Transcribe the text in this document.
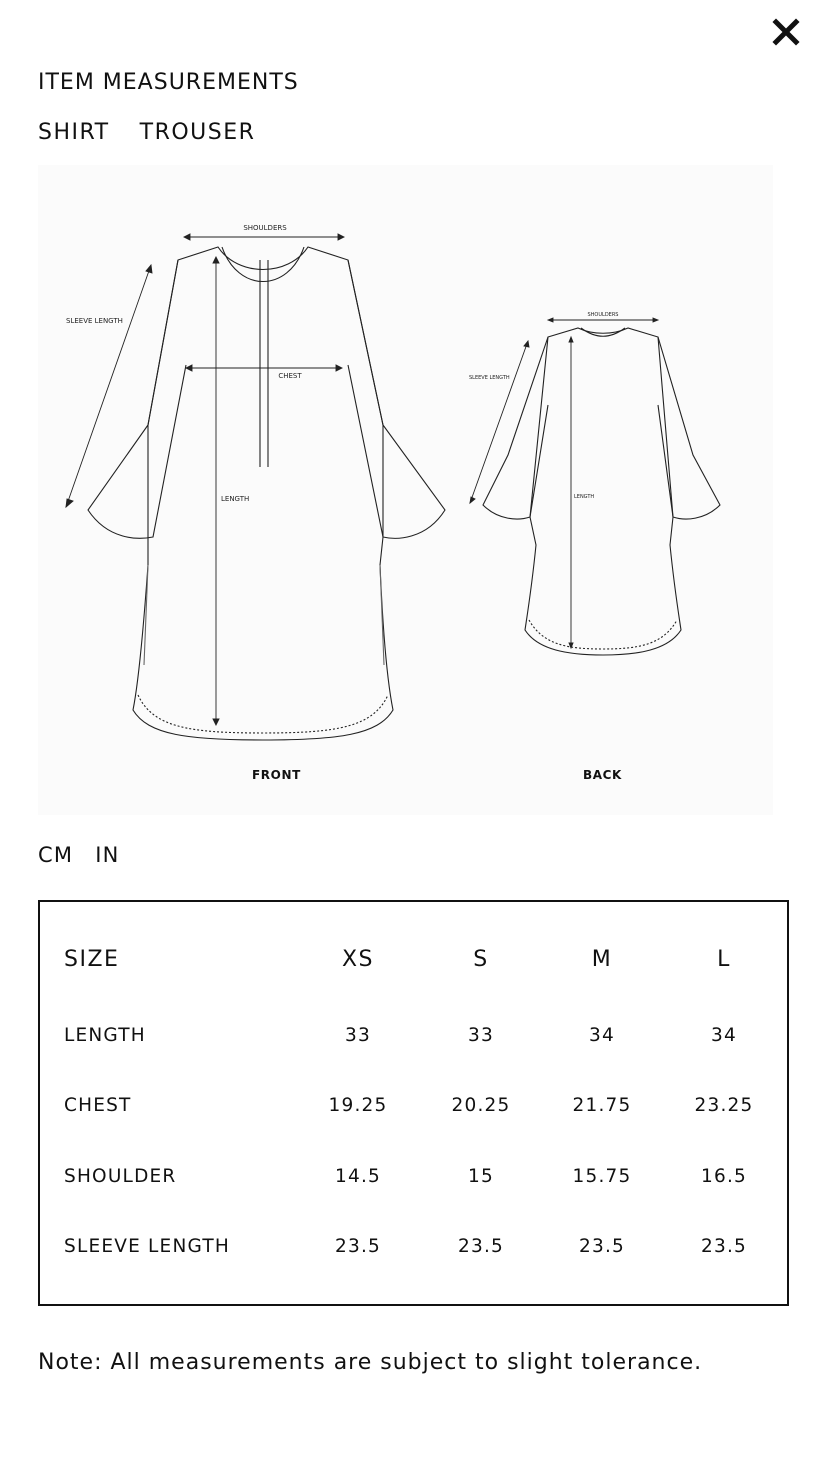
ITEM MEASUREMENTS
SHIRT TROUSER
SHOULDERS
SLEEVE LENGTH
CHEST
LENGTH
SHOULDERS
SLEEVE LENGTH
LENGTH
FRONT	BACK
CM IN
SIZE	XS	S	M	L
LENGTH	33	33	34	34
CHEST	19.25	20.25	21.75	23.25
SHOULDER	14.5	15	15.75	16.5
SLEEVE LENGTH	23.5	23.5	23.5	23.5
Note: All measurements are subject to slight tolerance.
